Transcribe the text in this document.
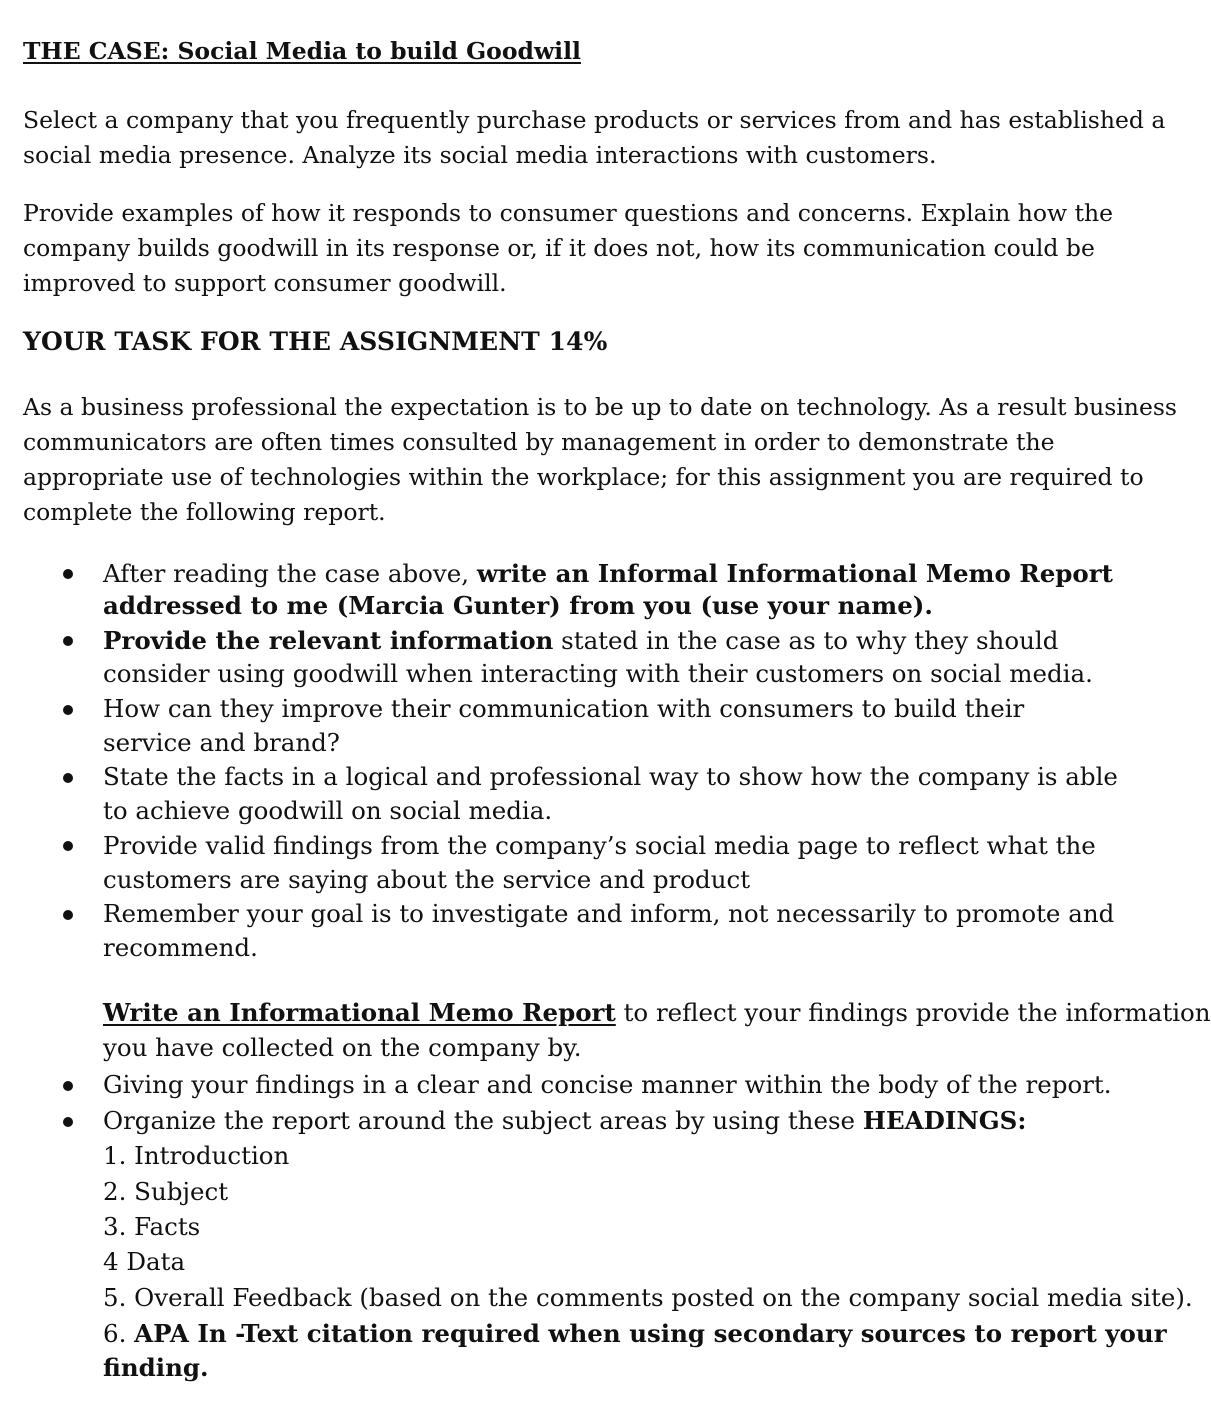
THE CASE: Social Media to build Goodwill
Select a company that you frequently purchase products or services from and has established a
social media presence. Analyze its social media interactions with customers.
Provide examples of how it responds to consumer questions and concerns. Explain how the
company builds goodwill in its response or, if it does not, how its communication could be
improved to support consumer goodwill.
YOUR TASK FOR THE ASSIGNMENT 14%
As a business professional the expectation is to be up to date on technology. As a result business
communicators are often times consulted by management in order to demonstrate the
appropriate use of technologies within the workplace; for this assignment you are required to
complete the following report.
After reading the case above, write an Informal Informational Memo Report
addressed to me (Marcia Gunter) from you (use your name).
Provide the relevant information stated in the case as to why they should
consider using goodwill when interacting with their customers on social media.
How can they improve their communication with consumers to build their
service and brand?
State the facts in a logical and professional way to show how the company is able
to achieve goodwill on social media.
Provide valid findings from the company’s social media page to reflect what the
customers are saying about the service and product
Remember your goal is to investigate and inform, not necessarily to promote and
recommend.
Write an Informational Memo Report to reflect your findings provide the information
you have collected on the company by.
Giving your findings in a clear and concise manner within the body of the report.
Organize the report around the subject areas by using these HEADINGS:
1. Introduction
2. Subject
3. Facts
4 Data
5. Overall Feedback (based on the comments posted on the company social media site).
6. APA In -Text citation required when using secondary sources to report your
finding.
